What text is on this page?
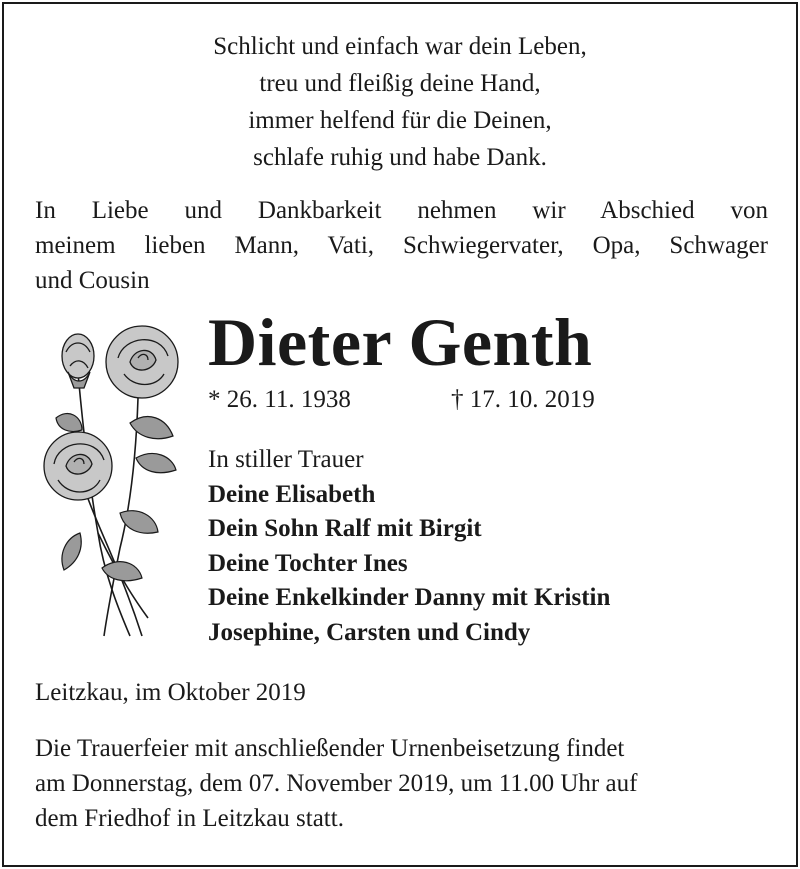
Schlicht und einfach war dein Leben,
treu und fleißig deine Hand,
immer helfend für die Deinen,
schlafe ruhig und habe Dank.
In Liebe und Dankbarkeit nehmen wir Abschied von
meinem lieben Mann, Vati, Schwiegervater, Opa, Schwager
und Cousin
Dieter Genth
* 26. 11. 1938	† 17. 10. 2019
In stiller Trauer
Deine Elisabeth
Dein Sohn Ralf mit Birgit
Deine Tochter Ines
Deine Enkelkinder Danny mit Kristin
Josephine, Carsten und Cindy
Leitzkau, im Oktober 2019
Die Trauerfeier mit anschließender Urnenbeisetzung findet
am Donnerstag, dem 07. November 2019, um 11.00 Uhr auf
dem Friedhof in Leitzkau statt.
